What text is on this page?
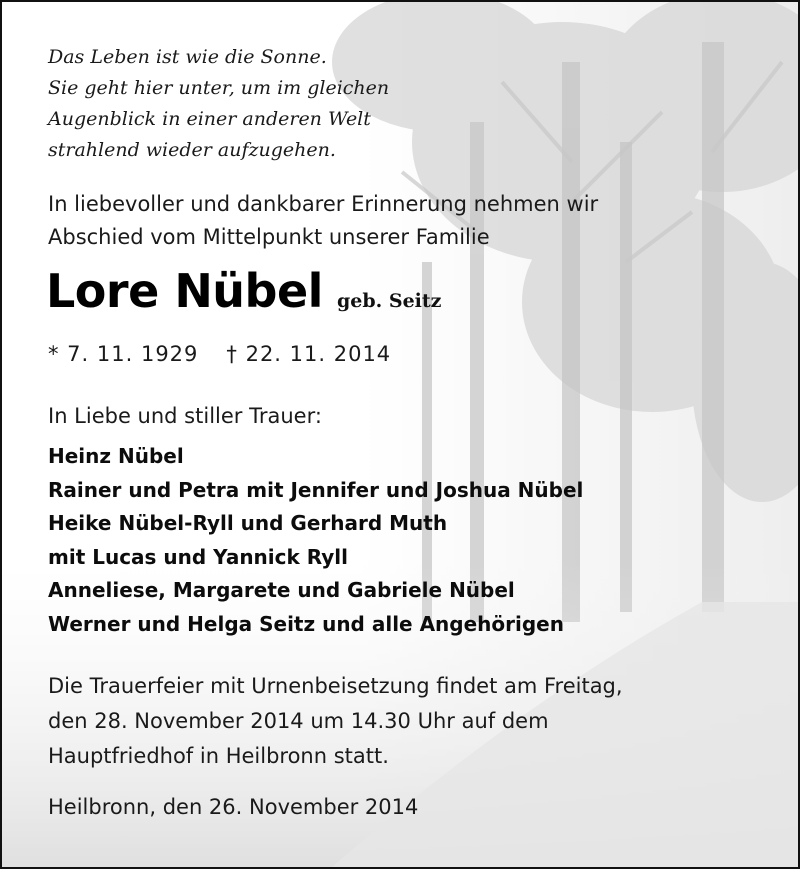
Das Leben ist wie die Sonne.
Sie geht hier unter, um im gleichen
Augenblick in einer anderen Welt
strahlend wieder aufzugehen.
In liebevoller und dankbarer Erinnerung nehmen wir
Abschied vom Mittelpunkt unserer Familie
Lore Nübel geb. Seitz
* 7. 11. 1929 † 22. 11. 2014
In Liebe und stiller Trauer:
Heinz Nübel
Rainer und Petra mit Jennifer und Joshua Nübel
Heike Nübel-Ryll und Gerhard Muth
mit Lucas und Yannick Ryll
Anneliese, Margarete und Gabriele Nübel
Werner und Helga Seitz und alle Angehörigen
Die Trauerfeier mit Urnenbeisetzung findet am Freitag,
den 28. November 2014 um 14.30 Uhr auf dem
Hauptfriedhof in Heilbronn statt.
Heilbronn, den 26. November 2014
